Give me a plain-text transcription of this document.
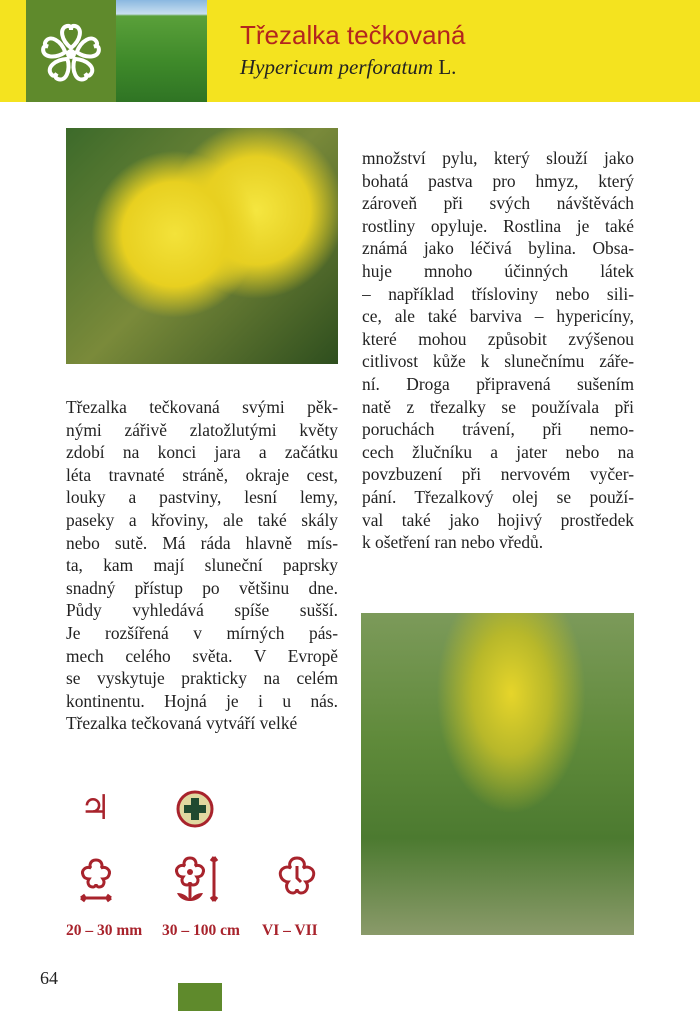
Třezalka tečkovaná
Hypericum perforatum L.
Třezalka tečkovaná svými pěk-
nými zářivě zlatožlutými květy
zdobí na konci jara a začátku
léta travnaté stráně, okraje cest,
louky a pastviny, lesní lemy,
paseky a křoviny, ale také skály
nebo sutě. Má ráda hlavně mís-
ta, kam mají sluneční paprsky
snadný přístup po většinu dne.
Půdy vyhledává spíše sušší.
Je rozšířená v mírných pás-
mech celého světa. V Evropě
se vyskytuje prakticky na celém
kontinentu. Hojná je i u nás.
Třezalka tečkovaná vytváří velké
množství pylu, který slouží jako
bohatá pastva pro hmyz, který
zároveň při svých návštěvách
rostliny opyluje. Rostlina je také
známá jako léčivá bylina. Obsa-
huje mnoho účinných látek
– například třísloviny nebo sili-
ce, ale také barviva – hypericíny,
které mohou způsobit zvýšenou
citlivost kůže k slunečnímu záře-
ní. Droga připravená sušením
natě z třezalky se používala při
poruchách trávení, při nemo-
cech žlučníku a jater nebo na
povzbuzení při nervovém vyčer-
pání. Třezalkový olej se použí-
val také jako hojivý prostředek
k ošetření ran nebo vředů.
♃
20 – 30 mm 30 – 100 cm VI – VII
64
